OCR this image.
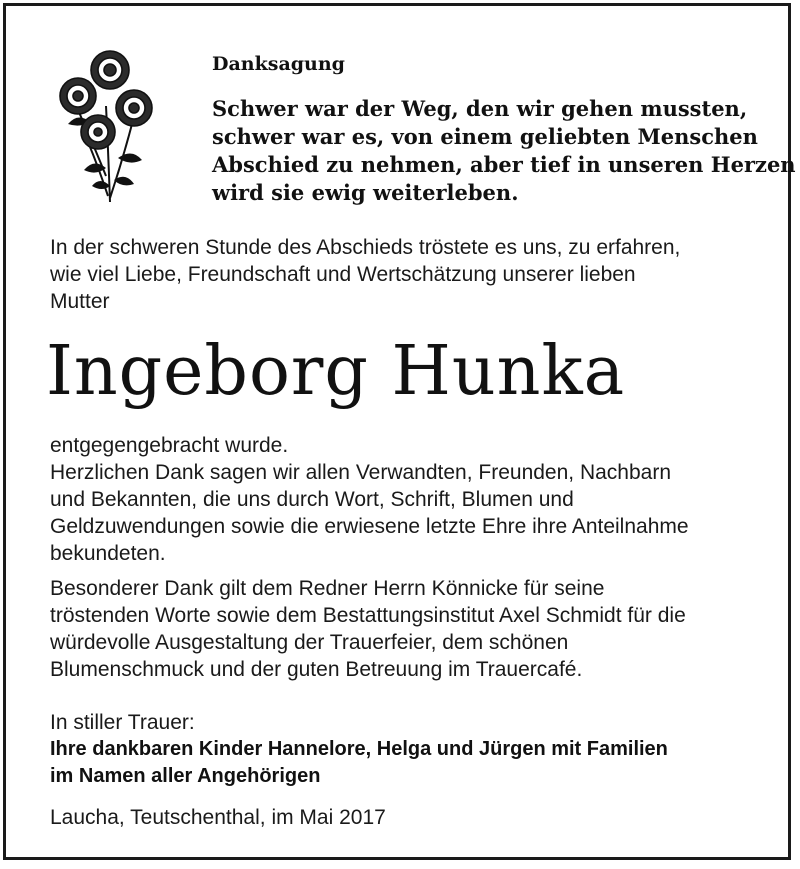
Danksagung
Schwer war der Weg, den wir gehen mussten,
schwer war es, von einem geliebten Menschen
Abschied zu nehmen, aber tief in unseren Herzen
wird sie ewig weiterleben.
In der schweren Stunde des Abschieds tröstete es uns, zu erfahren,
wie viel Liebe, Freundschaft und Wertschätzung unserer lieben
Mutter
Ingeborg Hunka
entgegengebracht wurde.
Herzlichen Dank sagen wir allen Verwandten, Freunden, Nachbarn
und Bekannten, die uns durch Wort, Schrift, Blumen und
Geldzuwendungen sowie die erwiesene letzte Ehre ihre Anteilnahme
bekundeten.
Besonderer Dank gilt dem Redner Herrn Könnicke für seine
tröstenden Worte sowie dem Bestattungsinstitut Axel Schmidt für die
würdevolle Ausgestaltung der Trauerfeier, dem schönen
Blumenschmuck und der guten Betreuung im Trauercafé.
In stiller Trauer:
Ihre dankbaren Kinder Hannelore, Helga und Jürgen mit Familien
im Namen aller Angehörigen
Laucha, Teutschenthal, im Mai 2017
